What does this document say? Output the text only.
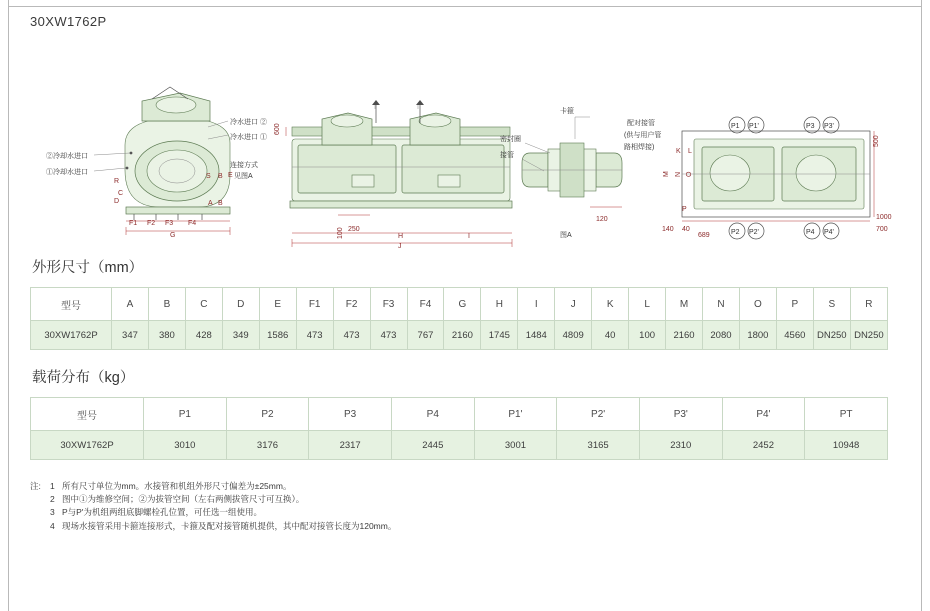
30XW1762P
②冷却水进口
①冷却水进口
冷水进口 ②
冷水进口 ①
连接方式
见图A
R
C
D
S B
A B
E
F1 F2 F3 F4
G
600
250
100	H	I
J
卡箍
密封圈
接管
配对接管
(供与用户管
路相焊接)
120
图A
P1 P1'	P3 P3'
P2 P2'	P4 P4'
K L
M N O
P
500
1000
700
140 40
689
外形尺寸（mm）
型号	A	B	C	D	E	F1	F2	F3	F4	G	H	I	J	K	L	M	N	O	P	S	R
30XW1762P	347	380	428	349	1586	473	473	473	767	2160	1745	1484	4809	40	100	2160	2080	1800	4560	DN250	DN250
载荷分布（kg）
型号	P1	P2	P3	P4	P1'	P2'	P3'	P4'	PT
30XW1762P	3010	3176	2317	2445	3001	3165	2310	2452	10948
注:	1 所有尺寸单位为mm。水接管和机组外形尺寸偏差为±25mm。
2 图中①为维修空间；②为拔管空间（左右两侧拔管尺寸可互换）。
3 P与P'为机组两组底脚螺栓孔位置，可任选一组使用。
4 现场水接管采用卡箍连接形式，卡箍及配对接管随机提供，其中配对接管长度为120mm。
